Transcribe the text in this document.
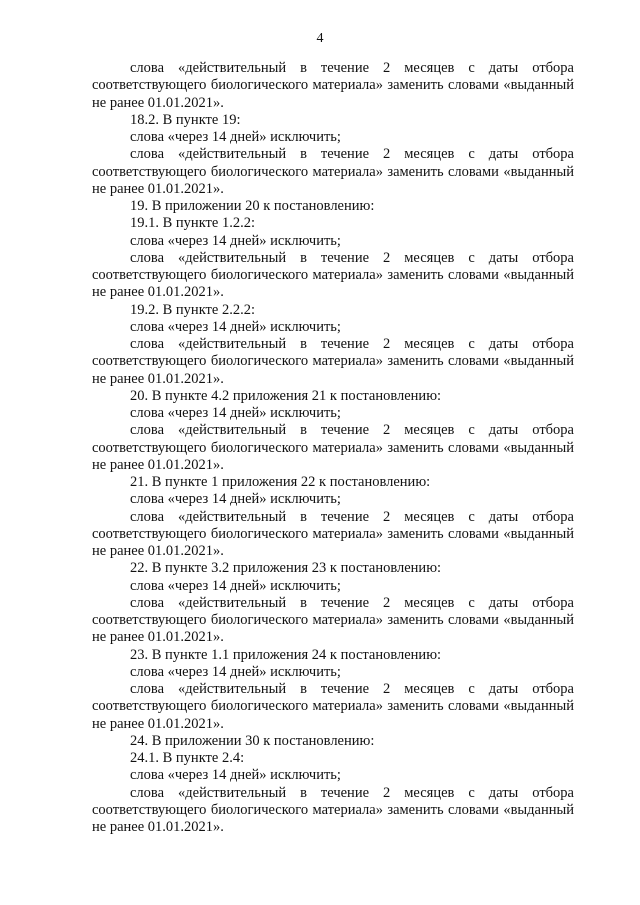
4

слова «действительный в течение 2 месяцев с даты отбора соответствующего биологического материала» заменить словами «выданный не ранее 01.01.2021».

18.2. В пункте 19:

слова «через 14 дней» исключить;

слова «действительный в течение 2 месяцев с даты отбора соответствующего биологического материала» заменить словами «выданный не ранее 01.01.2021».

19. В приложении 20 к постановлению:

19.1. В пункте 1.2.2:

слова «через 14 дней» исключить;

слова «действительный в течение 2 месяцев с даты отбора соответствующего биологического материала» заменить словами «выданный не ранее 01.01.2021».

19.2. В пункте 2.2.2:

слова «через 14 дней» исключить;

слова «действительный в течение 2 месяцев с даты отбора соответствующего биологического материала» заменить словами «выданный не ранее 01.01.2021».

20. В пункте 4.2 приложения 21 к постановлению:

слова «через 14 дней» исключить;

слова «действительный в течение 2 месяцев с даты отбора соответствующего биологического материала» заменить словами «выданный не ранее 01.01.2021».

21. В пункте 1 приложения 22 к постановлению:

слова «через 14 дней» исключить;

слова «действительный в течение 2 месяцев с даты отбора соответствующего биологического материала» заменить словами «выданный не ранее 01.01.2021».

22. В пункте 3.2 приложения 23 к постановлению:

слова «через 14 дней» исключить;

слова «действительный в течение 2 месяцев с даты отбора соответствующего биологического материала» заменить словами «выданный не ранее 01.01.2021».

23. В пункте 1.1 приложения 24 к постановлению:

слова «через 14 дней» исключить;

слова «действительный в течение 2 месяцев с даты отбора соответствующего биологического материала» заменить словами «выданный не ранее 01.01.2021».

24. В приложении 30 к постановлению:

24.1. В пункте 2.4:

слова «через 14 дней» исключить;

слова «действительный в течение 2 месяцев с даты отбора соответствующего биологического материала» заменить словами «выданный не ранее 01.01.2021».
